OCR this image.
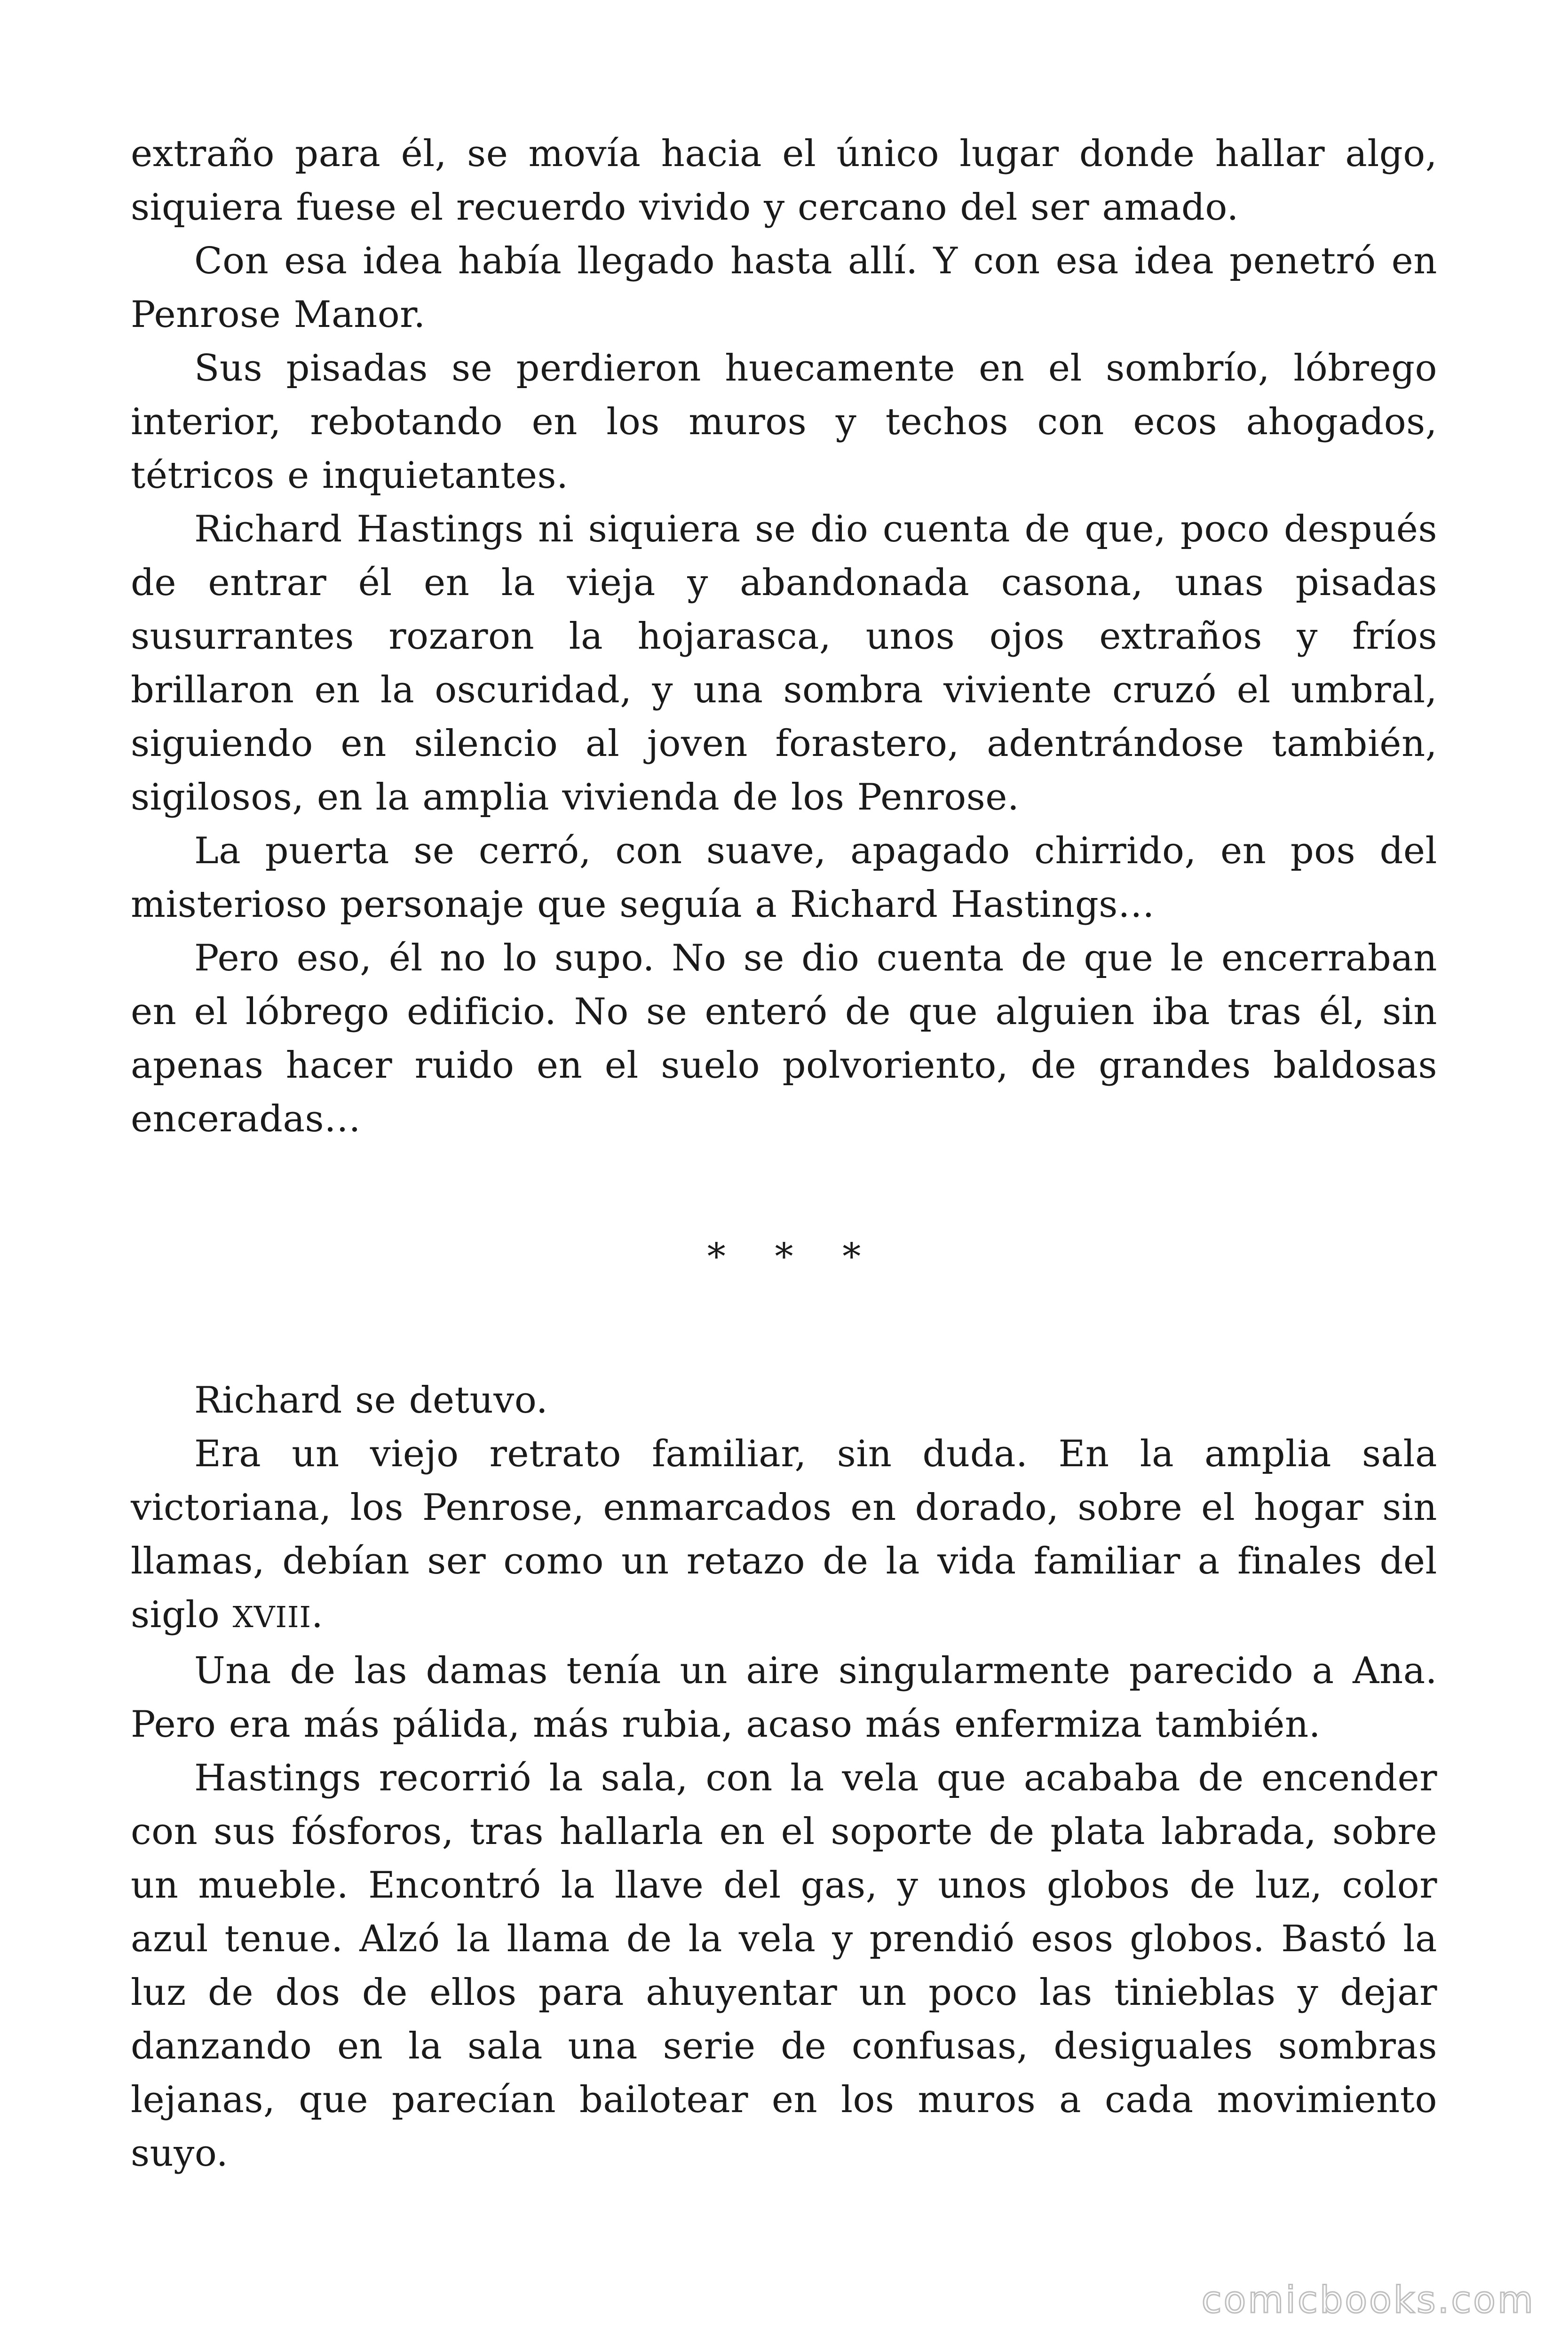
extraño para él, se movía hacia el único lugar donde hallar algo, siquiera fuese el recuerdo vivido y cercano del ser amado.

Con esa idea había llegado hasta allí. Y con esa idea penetró en Penrose Manor.

Sus pisadas se perdieron huecamente en el sombrío, lóbrego interior, rebotando en los muros y techos con ecos ahogados, tétricos e inquietantes.

Richard Hastings ni siquiera se dio cuenta de que, poco después de entrar él en la vieja y abandonada casona, unas pisadas susurrantes rozaron la hojarasca, unos ojos extraños y fríos brillaron en la oscuridad, y una sombra viviente cruzó el umbral, siguiendo en silencio al joven forastero, adentrándose también, sigilosos, en la amplia vivienda de los Penrose.

La puerta se cerró, con suave, apagado chirrido, en pos del misterioso personaje que seguía a Richard Hastings…

Pero eso, él no lo supo. No se dio cuenta de que le encerraban en el lóbrego edificio. No se enteró de que alguien iba tras él, sin apenas hacer ruido en el suelo polvoriento, de grandes baldosas enceradas…

* * *

Richard se detuvo.

Era un viejo retrato familiar, sin duda. En la amplia sala victoriana, los Penrose, enmarcados en dorado, sobre el hogar sin llamas, debían ser como un retazo de la vida familiar a finales del siglo XVIII.

Una de las damas tenía un aire singularmente parecido a Ana. Pero era más pálida, más rubia, acaso más enfermiza también.

Hastings recorrió la sala, con la vela que acababa de encender con sus fósforos, tras hallarla en el soporte de plata labrada, sobre un mueble. Encontró la llave del gas, y unos globos de luz, color azul tenue. Alzó la llama de la vela y prendió esos globos. Bastó la luz de dos de ellos para ahuyentar un poco las tinieblas y dejar danzando en la sala una serie de confusas, desiguales sombras lejanas, que parecían bailotear en los muros a cada movimiento suyo.

comicbooks.com
